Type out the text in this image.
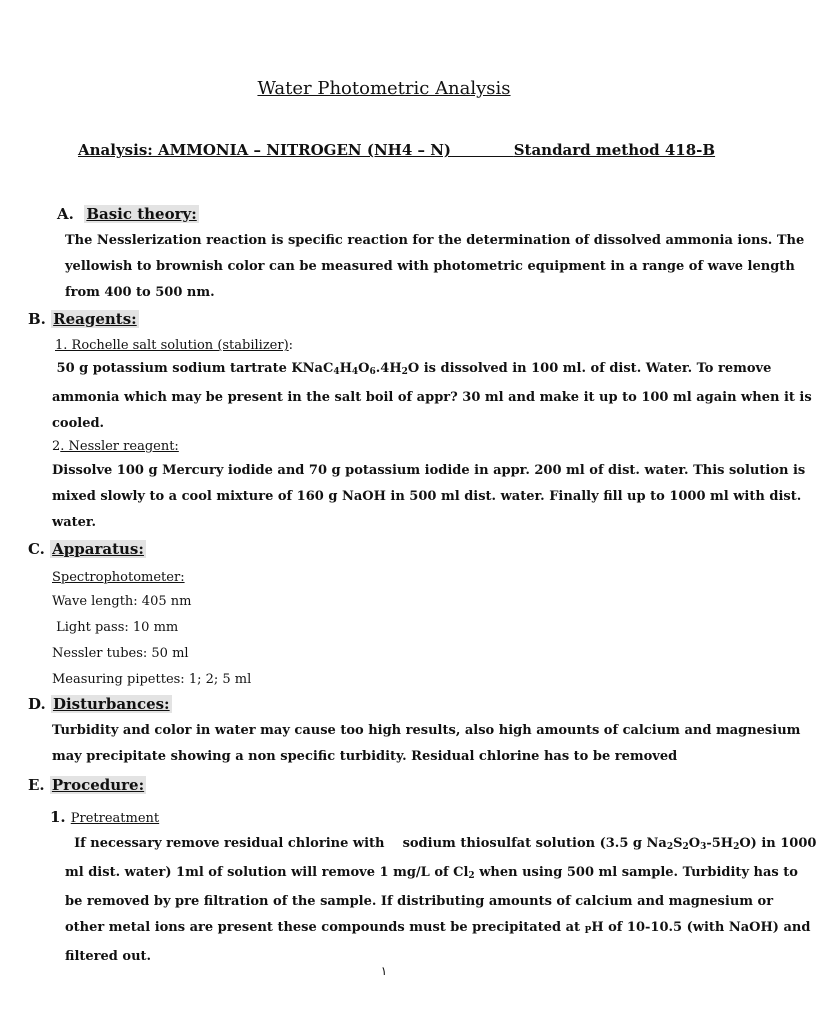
Water Photometric Analysis
Analysis: AMMONIA – NITROGEN (NH4 – N)	Standard method 418-B
A. Basic theory:
The Nesslerization reaction is specific reaction for the determination of dissolved ammonia ions. The
yellowish to brownish color can be measured with photometric equipment in a range of wave length
from 400 to 500 nm.
B. Reagents:
1. Rochelle salt solution (stabilizer):
50 g potassium sodium tartrate $KNaC_4H_4O_6.4H_2O$ is dissolved in 100 ml. of dist. Water. To remove
ammonia which may be present in the salt boil of appr? 30 ml and make it up to 100 ml again when it is
cooled.
2. Nessler reagent:
Dissolve 100 g Mercury iodide and 70 g potassium iodide in appr. 200 ml of dist. water. This solution is
mixed slowly to a cool mixture of 160 g NaOH in 500 ml dist. water. Finally fill up to 1000 ml with dist.
water.
C. Apparatus:
Spectrophotometer:
Wave length: 405 nm
Light pass: 10 mm
Nessler tubes: 50 ml
Measuring pipettes: 1; 2; 5 ml
D. Disturbances:
Turbidity and color in water may cause too high results, also high amounts of calcium and magnesium
may precipitate showing a non specific turbidity. Residual chlorine has to be removed
E. Procedure:
1. Pretreatment
If necessary remove residual chlorine with    sodium thiosulfat solution (3.5 g $Na_2S_2O_3-5H_2O$) in 1000
ml dist. water) 1ml of solution will remove 1 mg/L of $Cl_2$ when using 500 ml sample. Turbidity has to
be removed by pre filtration of the sample. If distributing amounts of calcium and magnesium or
other metal ions are present these compounds must be precipitated at $_P$H of 10-10.5 (with NaOH) and
filtered out.
١
